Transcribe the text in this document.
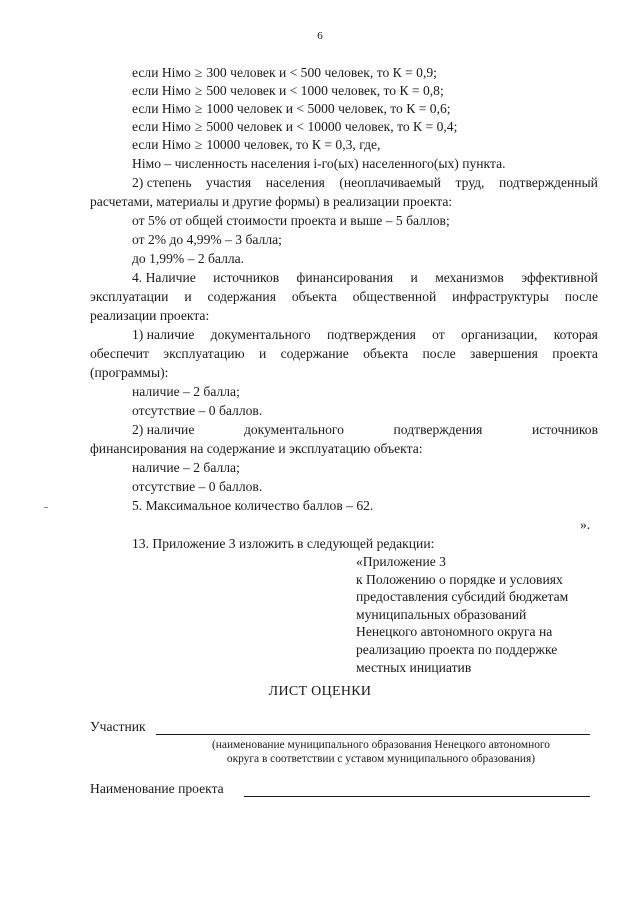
6
если Німо ≥ 300 человек и < 500 человек, то К = 0,9;
если Німо ≥ 500 человек и < 1000 человек, то К = 0,8;
если Німо ≥ 1000 человек и < 5000 человек, то К = 0,6;
если Німо ≥ 5000 человек и < 10000 человек, то К = 0,4;
если Німо ≥ 10000 человек, то К = 0,3, где,
Німо – численность населения і-го(ых) населенного(ых) пункта.
2) степень участия населения (неоплачиваемый труд, подтвержденный
расчетами, материалы и другие формы) в реализации проекта:
от 5% от общей стоимости проекта и выше – 5 баллов;
от 2% до 4,99% – 3 балла;
до 1,99% – 2 балла.
4. Наличие источников финансирования и механизмов эффективной
эксплуатации и содержания объекта общественной инфраструктуры после
реализации проекта:
1) наличие документального подтверждения от организации, которая
обеспечит эксплуатацию и содержание объекта после завершения проекта
(программы):
наличие – 2 балла;
отсутствие – 0 баллов.
2) наличие	документального	подтверждения	источников
финансирования на содержание и эксплуатацию объекта:
наличие – 2 балла;
отсутствие – 0 баллов.
5. Максимальное количество баллов – 62.
».
13. Приложение 3 изложить в следующей редакции:
«Приложение 3
к Положению о порядке и условиях
предоставления субсидий бюджетам
муниципальных образований
Ненецкого автономного округа на
реализацию проекта по поддержке
местных инициатив
ЛИСТ ОЦЕНКИ
Участник
(наименование муниципального образования Ненецкого автономного
округа в соответствии с уставом муниципального образования)
Наименование проекта
